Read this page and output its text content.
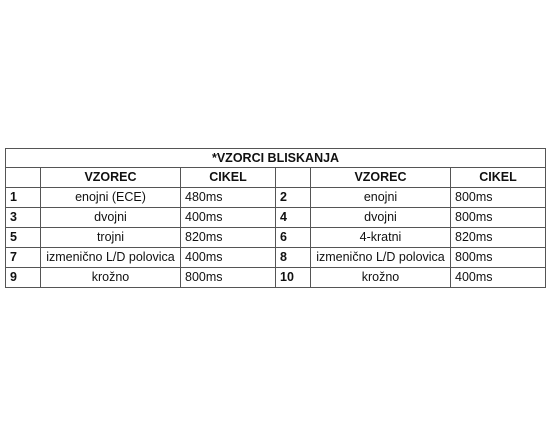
*VZORCI BLISKANJA					
	VZOREC	CIKEL		VZOREC	CIKEL
1	enojni (ECE)	480ms	2	enojni	800ms
3	dvojni	400ms	4	dvojni	800ms
5	trojni	820ms	6	4-kratni	820ms
7	izmenično L/D polovica	400ms	8	izmenično L/D polovica	800ms
9	krožno	800ms	10	krožno	400ms
